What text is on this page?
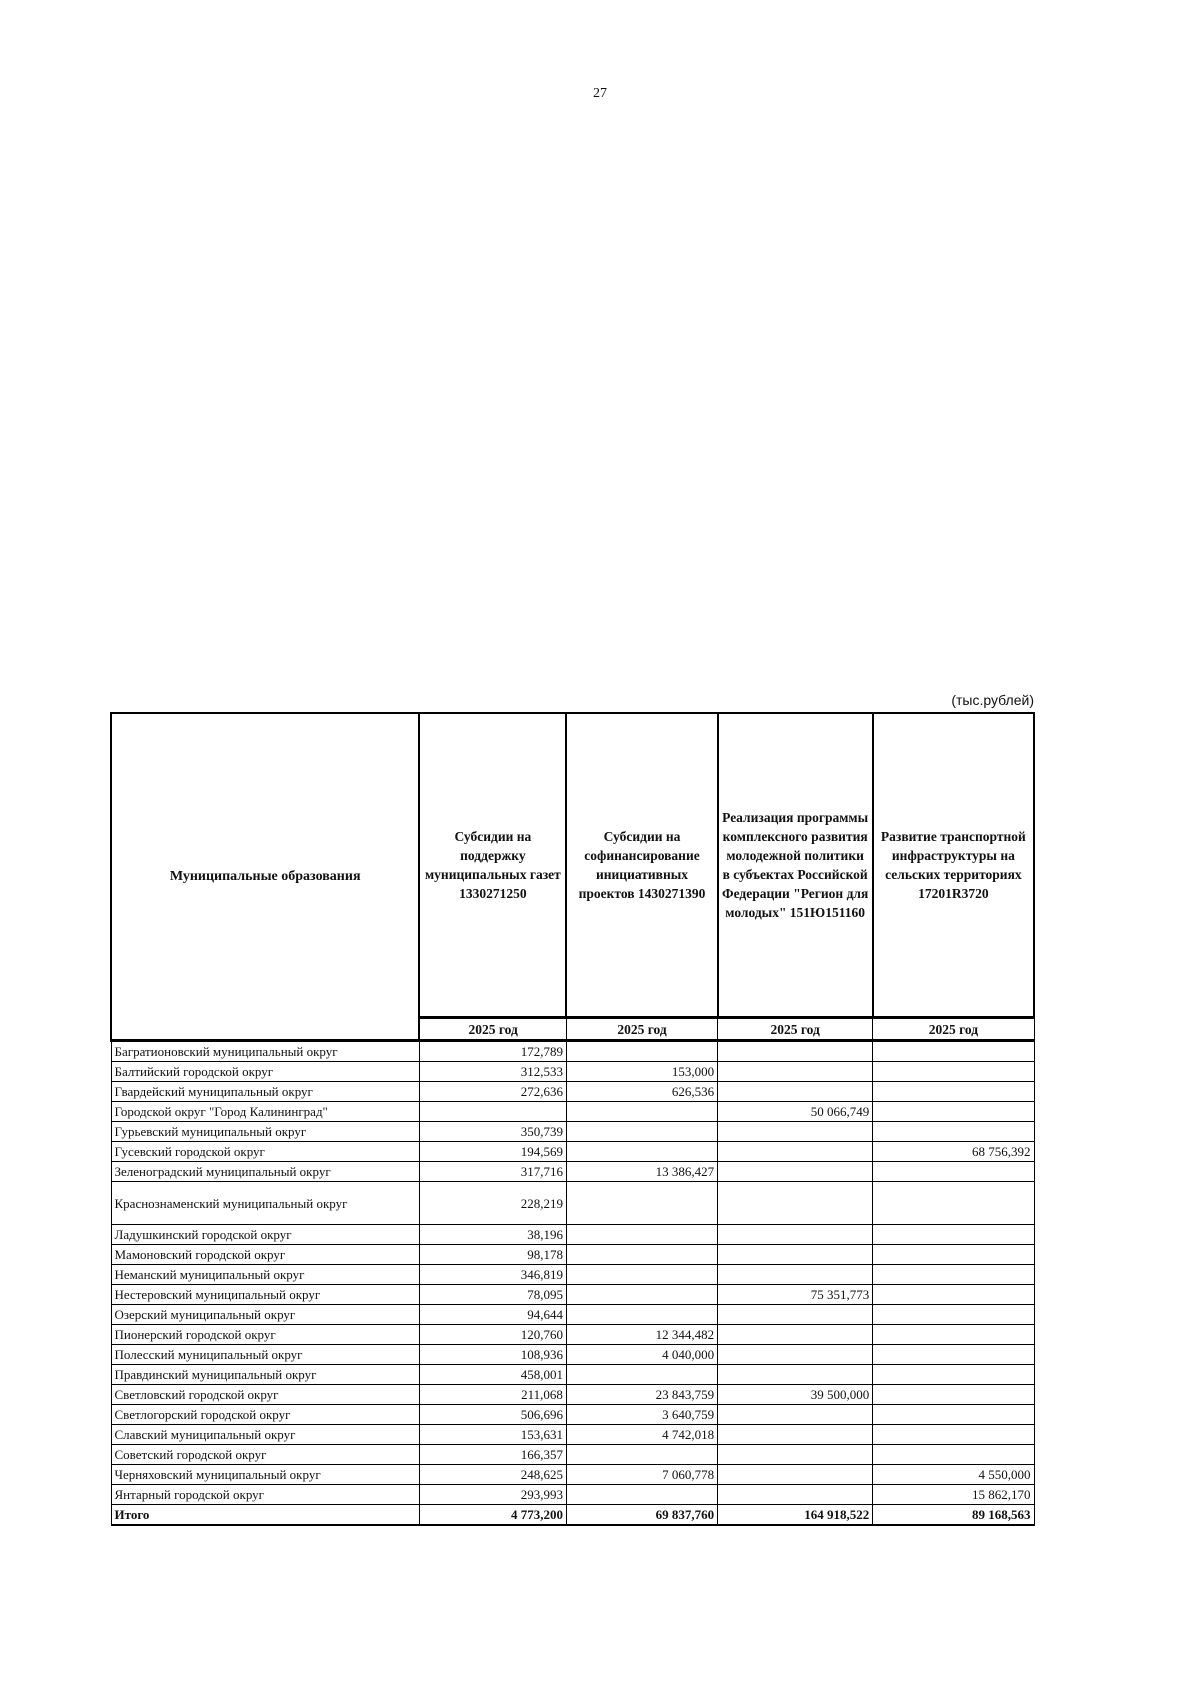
27
(тыс.рублей)
Муниципальные образования	Субсидии на поддержку муниципальных газет 1330271250	Субсидии на софинансирование инициативных проектов 1430271390	Реализация программы комплексного развития молодежной политики в субъектах Российской Федерации "Регион для молодых" 151Ю151160	Развитие транспортной инфраструктуры на сельских территориях 17201R3720
	2025 год	2025 год	2025 год	2025 год
Багратионовский муниципальный округ	172,789			
Балтийский городской округ	312,533	153,000		
Гвардейский муниципальный округ	272,636	626,536		
Городской округ "Город Калининград"			50 066,749	
Гурьевский муниципальный округ	350,739			
Гусевский городской округ	194,569			68 756,392
Зеленоградский муниципальный округ	317,716	13 386,427		
Краснознаменский муниципальный округ	228,219			
Ладушкинский городской округ	38,196			
Мамоновский городской округ	98,178			
Неманский муниципальный округ	346,819			
Нестеровский муниципальный округ	78,095		75 351,773	
Озерский муниципальный округ	94,644			
Пионерский городской округ	120,760	12 344,482		
Полесский муниципальный округ	108,936	4 040,000		
Правдинский муниципальный округ	458,001			
Светловский городской округ	211,068	23 843,759	39 500,000	
Светлогорский городской округ	506,696	3 640,759		
Славский муниципальный округ	153,631	4 742,018		
Советский городской округ	166,357			
Черняховский муниципальный округ	248,625	7 060,778		4 550,000
Янтарный городской округ	293,993			15 862,170
Итого	4 773,200	69 837,760	164 918,522	89 168,563
